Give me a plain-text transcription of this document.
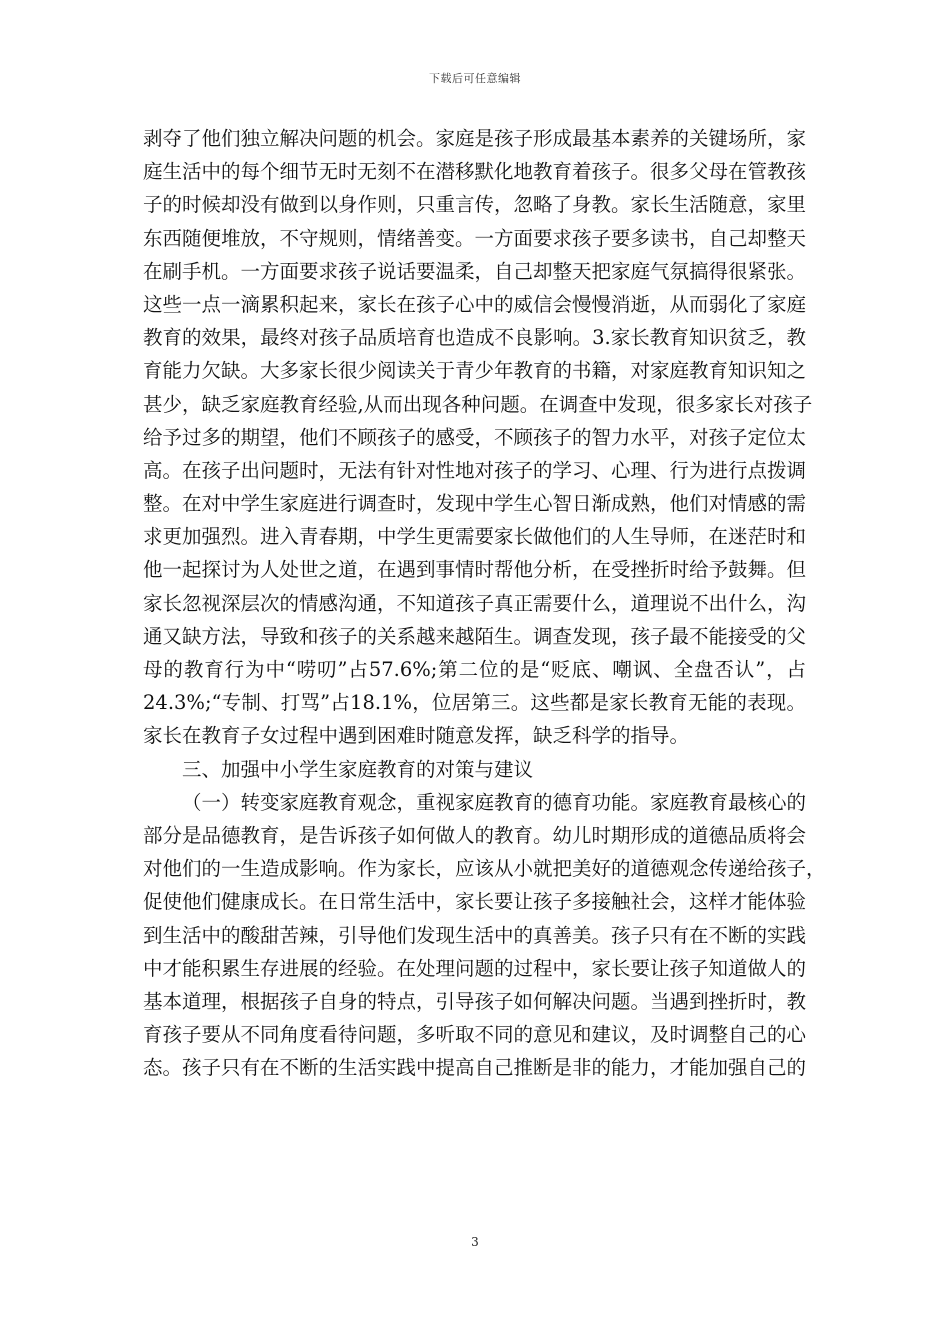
下载后可任意编辑
剥夺了他们独立解决问题的机会。家庭是孩子形成最基本素养的关键场所，家
庭生活中的每个细节无时无刻不在潜移默化地教育着孩子。很多父母在管教孩
子的时候却没有做到以身作则，只重言传，忽略了身教。家长生活随意，家里
东西随便堆放，不守规则，情绪善变。一方面要求孩子要多读书，自己却整天
在刷手机。一方面要求孩子说话要温柔，自己却整天把家庭气氛搞得很紧张。
这些一点一滴累积起来，家长在孩子心中的威信会慢慢消逝，从而弱化了家庭
教育的效果，最终对孩子品质培育也造成不良影响。3.家长教育知识贫乏，教
育能力欠缺。大多家长很少阅读关于青少年教育的书籍，对家庭教育知识知之
甚少，缺乏家庭教育经验,从而出现各种问题。在调查中发现，很多家长对孩子
给予过多的期望，他们不顾孩子的感受，不顾孩子的智力水平，对孩子定位太
高。在孩子出问题时，无法有针对性地对孩子的学习、心理、行为进行点拨调
整。在对中学生家庭进行调查时，发现中学生心智日渐成熟，他们对情感的需
求更加强烈。进入青春期，中学生更需要家长做他们的人生导师，在迷茫时和
他一起探讨为人处世之道，在遇到事情时帮他分析，在受挫折时给予鼓舞。但
家长忽视深层次的情感沟通，不知道孩子真正需要什么，道理说不出什么，沟
通又缺方法，导致和孩子的关系越来越陌生。调查发现，孩子最不能接受的父
母的教育行为中“唠叨”占57.6%;第二位的是“贬底、嘲讽、全盘否认”，占
24.3%;“专制、打骂”占18.1%，位居第三。这些都是家长教育无能的表现。
家长在教育子女过程中遇到困难时随意发挥，缺乏科学的指导。
三、加强中小学生家庭教育的对策与建议
（一）转变家庭教育观念，重视家庭教育的德育功能。家庭教育最核心的
部分是品德教育，是告诉孩子如何做人的教育。幼儿时期形成的道德品质将会
对他们的一生造成影响。作为家长，应该从小就把美好的道德观念传递给孩子，
促使他们健康成长。在日常生活中，家长要让孩子多接触社会，这样才能体验
到生活中的酸甜苦辣，引导他们发现生活中的真善美。孩子只有在不断的实践
中才能积累生存进展的经验。在处理问题的过程中，家长要让孩子知道做人的
基本道理，根据孩子自身的特点，引导孩子如何解决问题。当遇到挫折时，教
育孩子要从不同角度看待问题，多听取不同的意见和建议，及时调整自己的心
态。孩子只有在不断的生活实践中提高自己推断是非的能力，才能加强自己的
3
